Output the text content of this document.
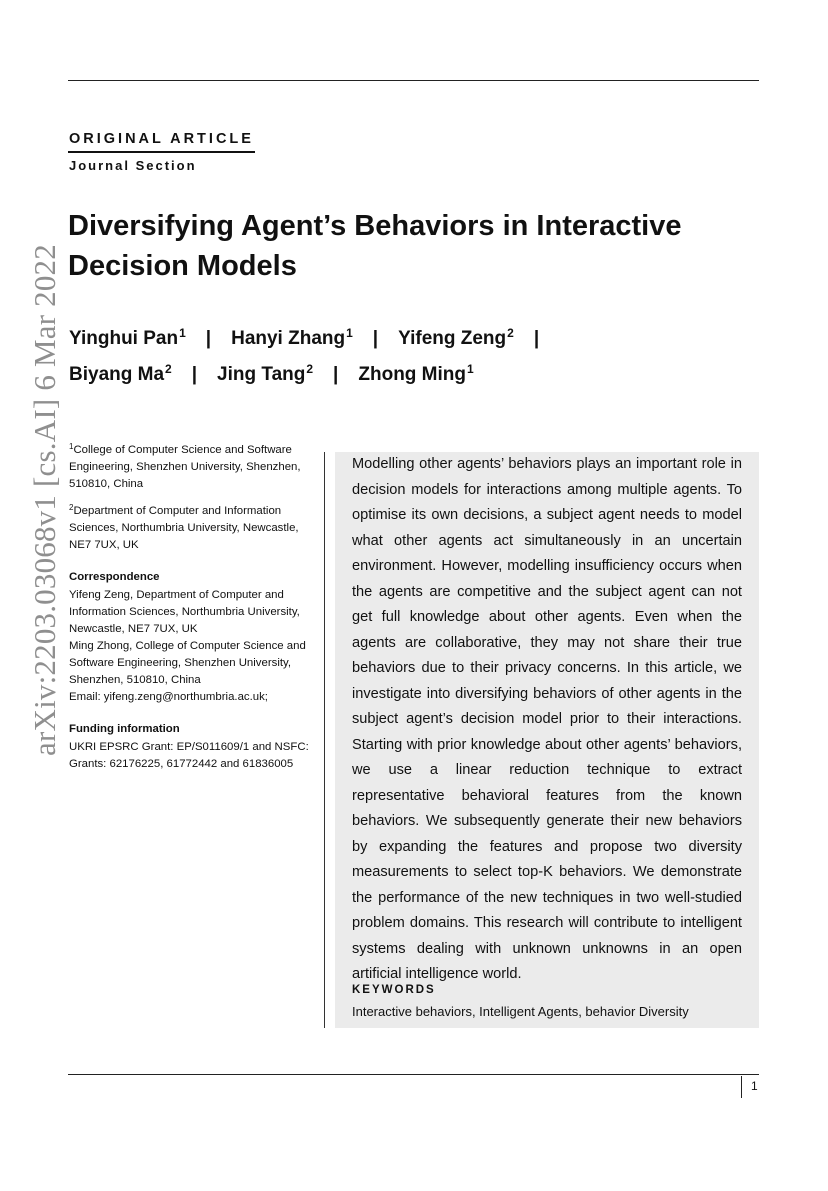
arXiv:2203.03068v1 [cs.AI] 6 Mar 2022
ORIGINAL ARTICLE
Journal Section
Diversifying Agent’s Behaviors in Interactive Decision Models
Yinghui Pan$^1$ | Hanyi Zhang$^1$ | Yifeng Zeng$^2$ |
Biyang Ma$^2$ | Jing Tang$^2$ | Zhong Ming$^1$

$^1$College of Computer Science and Software Engineering, Shenzhen University, Shenzhen, 510810, China

$^2$Department of Computer and Information Sciences, Northumbria University, Newcastle, NE7 7UX, UK

Correspondence

Yifeng Zeng, Department of Computer and Information Sciences, Northumbria University, Newcastle, NE7 7UX, UK

Ming Zhong, College of Computer Science and Software Engineering, Shenzhen University, Shenzhen, 510810, China

Email: yifeng.zeng@northumbria.ac.uk;

Funding information

UKRI EPSRC Grant: EP/S011609/1 and NSFC: Grants: 62176225, 61772442 and 61836005

Modelling other agents’ behaviors plays an important role in decision models for interactions among multiple agents. To optimise its own decisions, a subject agent needs to model what other agents act simultaneously in an uncertain environment. However, modelling insufficiency occurs when the agents are competitive and the subject agent can not get full knowledge about other agents. Even when the agents are collaborative, they may not share their true behaviors due to their privacy concerns. In this article, we investigate into diversifying behaviors of other agents in the subject agent’s decision model prior to their interactions. Starting with prior knowledge about other agents’ behaviors, we use a linear reduction technique to extract representative behavioral features from the known behaviors. We subsequently generate their new behaviors by expanding the features and propose two diversity measurements to select top-K behaviors. We demonstrate the performance of the new techniques in two well-studied problem domains. This research will contribute to intelligent systems dealing with unknown unknowns in an open artificial intelligence world.

KEYWORDS
Interactive behaviors, Intelligent Agents, behavior Diversity
1
